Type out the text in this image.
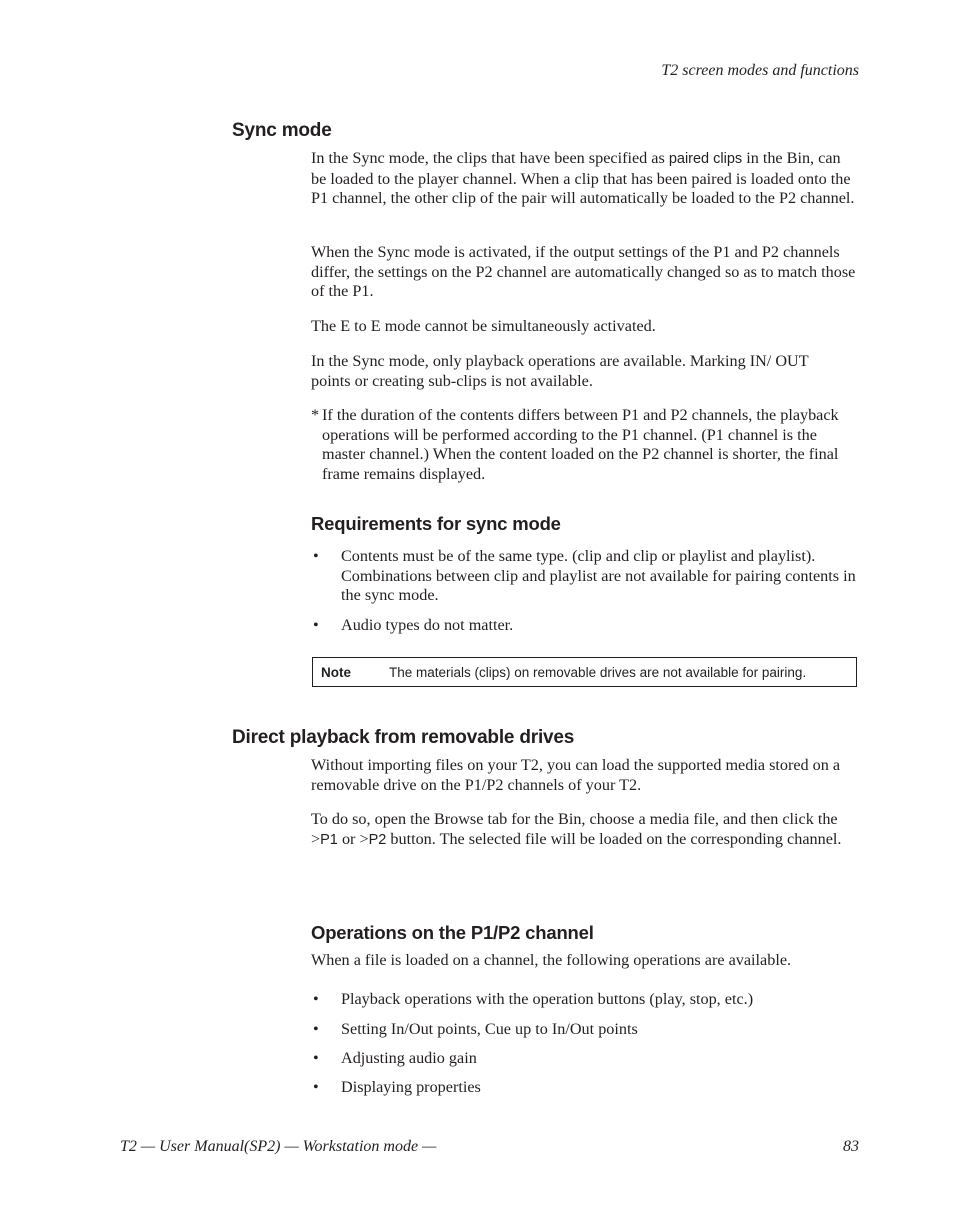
T2 screen modes and functions
Sync mode

In the Sync mode, the clips that have been specified as paired clips in the Bin, can be loaded to the player channel. When a clip that has been paired is loaded onto the P1 channel, the other clip of the pair will automatically be loaded to the P2 channel.

When the Sync mode is activated, if the output settings of the P1 and P2 channels differ, the settings on the P2 channel are automatically changed so as to match those of the P1.

The E to E mode cannot be simultaneously activated.

In the Sync mode, only playback operations are available. Marking IN/ OUT points or creating sub-clips is not available.

* If the duration of the contents differs between P1 and P2 channels, the playback operations will be performed according to the P1 channel. (P1 channel is the master channel.) When the content loaded on the P2 channel is shorter, the final frame remains displayed.

Requirements for sync mode
• Contents must be of the same type. (clip and clip or playlist and playlist). Combinations between clip and playlist are not available for pairing contents in the sync mode.
• Audio types do not matter.
Note	The materials (clips) on removable drives are not available for pairing.
Direct playback from removable drives

Without importing files on your T2, you can load the supported media stored on a removable drive on the P1/P2 channels of your T2.

To do so, open the Browse tab for the Bin, choose a media file, and then click the >P1 or >P2 button. The selected file will be loaded on the corresponding channel.

Operations on the P1/P2 channel

When a file is loaded on a channel, the following operations are available.

• Playback operations with the operation buttons (play, stop, etc.)
• Setting In/Out points, Cue up to In/Out points
• Adjusting audio gain
• Displaying properties
T2 — User Manual(SP2) — Workstation mode —	83
